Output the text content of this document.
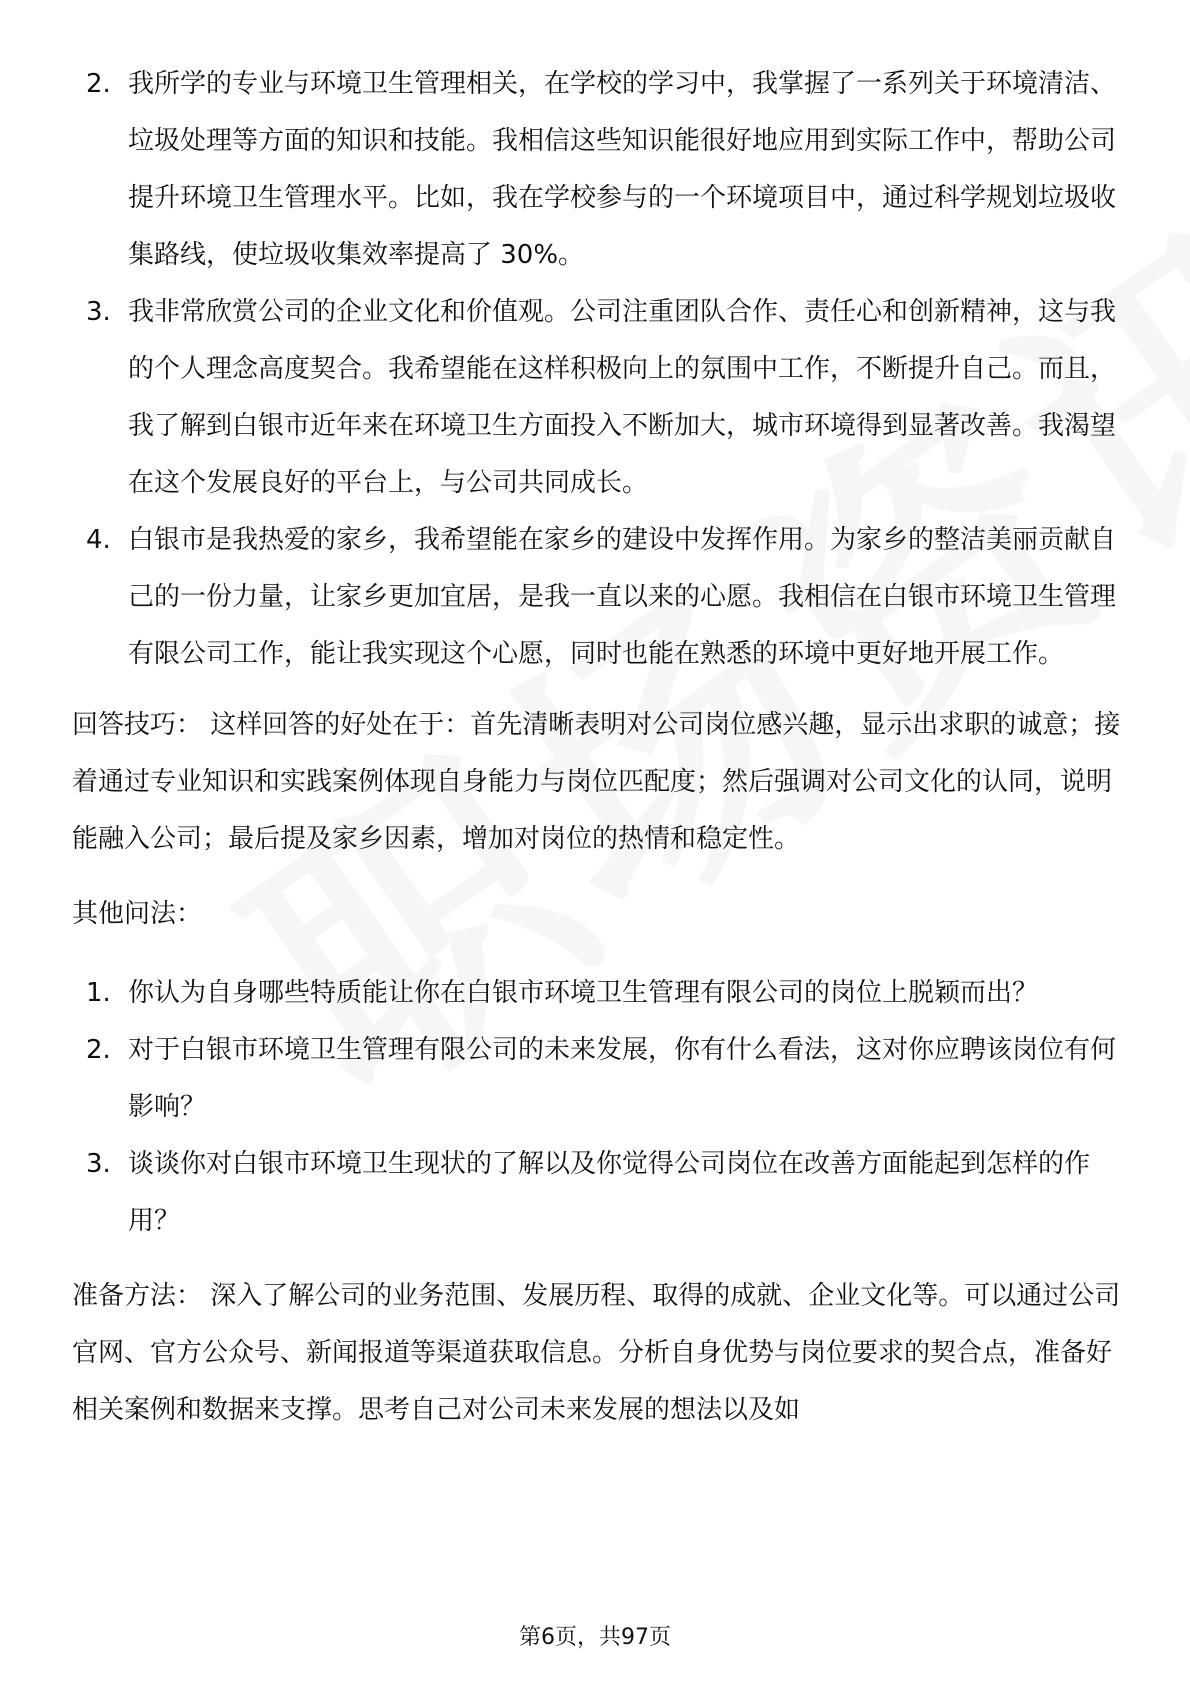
2. 我所学的专业与环境卫生管理相关，在学校的学习中，我掌握了一系列关于环境清洁、垃圾处理等方面的知识和技能。我相信这些知识能很好地应用到实际工作中，帮助公司提升环境卫生管理水平。比如，我在学校参与的一个环境项目中，通过科学规划垃圾收集路线，使垃圾收集效率提高了 30%。
3. 我非常欣赏公司的企业文化和价值观。公司注重团队合作、责任心和创新精神，这与我的个人理念高度契合。我希望能在这样积极向上的氛围中工作，不断提升自己。而且，我了解到白银市近年来在环境卫生方面投入不断加大，城市环境得到显著改善。我渴望在这个发展良好的平台上，与公司共同成长。
4. 白银市是我热爱的家乡，我希望能在家乡的建设中发挥作用。为家乡的整洁美丽贡献自己的一份力量，让家乡更加宜居，是我一直以来的心愿。我相信在白银市环境卫生管理有限公司工作，能让我实现这个心愿，同时也能在熟悉的环境中更好地开展工作。

回答技巧： 这样回答的好处在于：首先清晰表明对公司岗位感兴趣，显示出求职的诚意；接着通过专业知识和实践案例体现自身能力与岗位匹配度；然后强调对公司文化的认同，说明能融入公司；最后提及家乡因素，增加对岗位的热情和稳定性。

其他问法：

1. 你认为自身哪些特质能让你在白银市环境卫生管理有限公司的岗位上脱颖而出？
2. 对于白银市环境卫生管理有限公司的未来发展，你有什么看法，这对你应聘该岗位有何影响？
3. 谈谈你对白银市环境卫生现状的了解以及你觉得公司岗位在改善方面能起到怎样的作用？

准备方法： 深入了解公司的业务范围、发展历程、取得的成就、企业文化等。可以通过公司官网、官方公众号、新闻报道等渠道获取信息。分析自身优势与岗位要求的契合点，准备好相关案例和数据来支撑。思考自己对公司未来发展的想法以及如

第6页，共97页
